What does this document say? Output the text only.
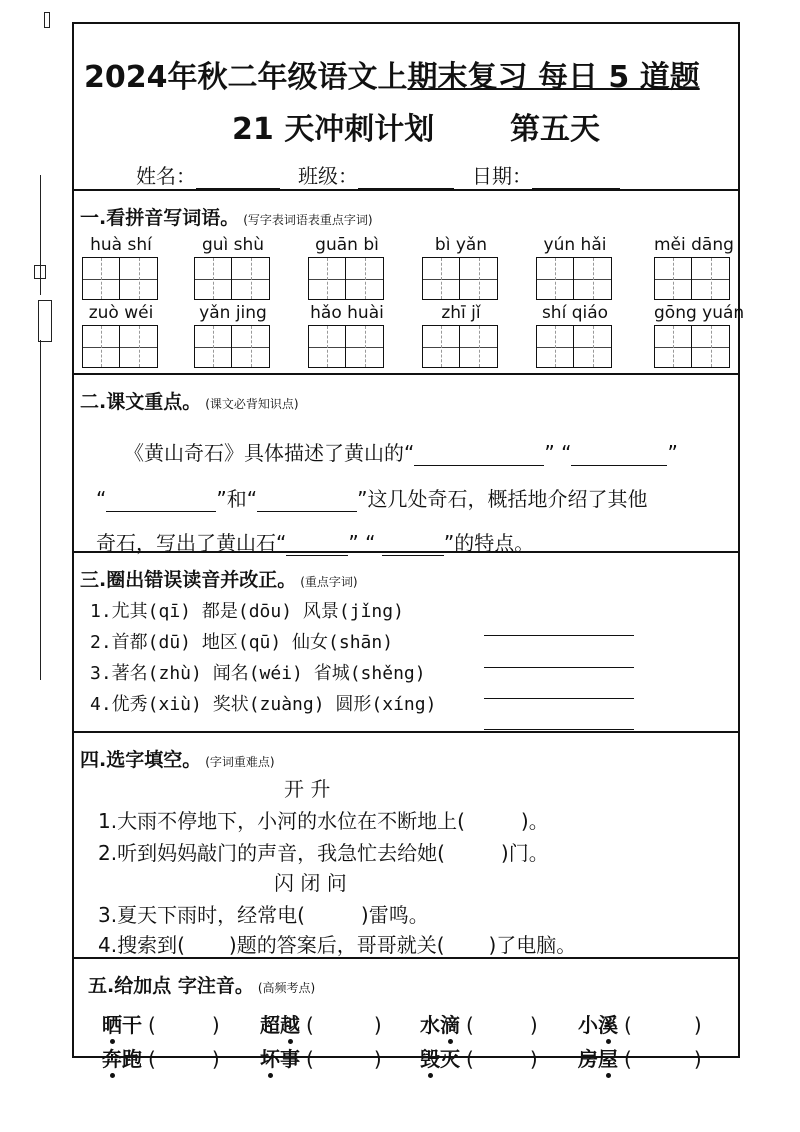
2024年秋二年级语文上期末复习 每日 5 道题
21 天冲刺计划	第五天
姓名：	班级：	日期：
一.看拼音写词语。 (写字表词语表重点字词)
huà shí	guì shù	guān bì	bì yǎn	yún hǎi	měi dāng
zuò wéi	yǎn jing	hǎo huài	zhī jǐ	shí qiáo	gōng yuán
二.课文重点。 (课文必背知识点)
《黄山奇石》具体描述了黄山的“	” “	”
“	”和“	”这几处奇石，概括地介绍了其他
奇石，写出了黄山石“	” “	”的特点。
三.圈出错误读音并改正。 (重点字词)
1.尤其(qī) 都是(dōu) 风景(jǐng)
2.首都(dū) 地区(qū) 仙女(shān)
3.著名(zhù) 闻名(wéi) 省城(shěng)
4.优秀(xiù) 奖状(zuàng) 圆形(xíng)
四.选字填空。 (字词重难点)
开 升
1.大雨不停地下，小河的水位在不断地上(	)。
2.听到妈妈敲门的声音，我急忙去给她(	)门。
闪 闭 问
3.夏天下雨时，经常电(	)雷鸣。
4.搜索到( )题的答案后，哥哥就关( )了电脑。
五.给加点 字注音。 (高频考点)
晒干 (	) 超越 (	) 水滴 (	) 小溪 (	)
奔跑 (	) 坏事 (	) 毁灭 (	) 房屋 (	)
